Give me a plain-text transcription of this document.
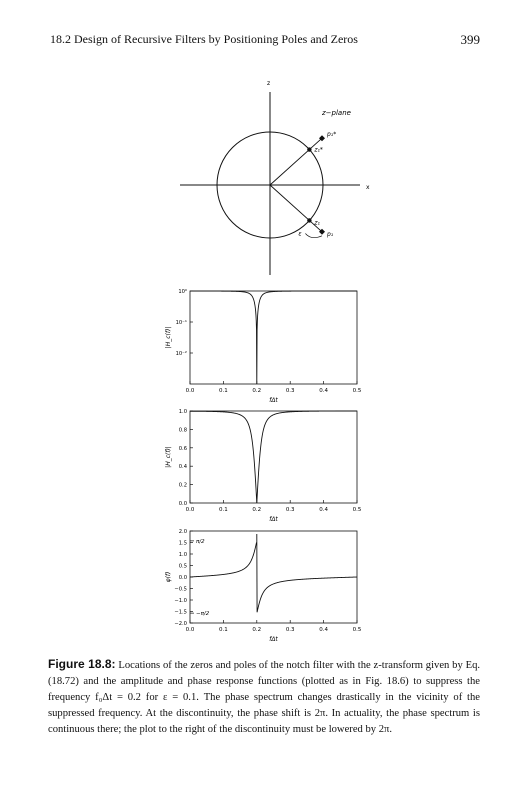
18.2 Design of Recursive Filters by Positioning Poles and Zeros	399
x
z
z−plane
p₁*
z₁*
z₁
p₁
ε
0.0	0.1	0.2	0.3	0.4	0.5
fΔt
10⁰
10⁻¹
10⁻²
|H_c(f)|
0.0	0.1	0.2	0.3	0.4	0.5
fΔt
0.0
0.2
0.4
0.6
0.8
1.0
|H_c(f)|
0.0	0.1	0.2	0.3	0.4	0.5
fΔt
2.0
1.5
1.0
0.5
0.0
−0.5
−1.0
−1.5
−2.0
φ(f)
π/2
−π/2
Figure 18.8: Locations of the zeros and poles of the notch filter with the z-transform given by Eq. (18.72) and the amplitude and phase response functions (plotted as in Fig. 18.6) to suppress the frequency f₀Δt = 0.2 for ε = 0.1. The phase spectrum changes drastically in the vicinity of the suppressed frequency. At the discontinuity, the phase shift is 2π. In actuality, the phase spectrum is continuous there; the plot to the right of the discontinuity must be lowered by 2π.
